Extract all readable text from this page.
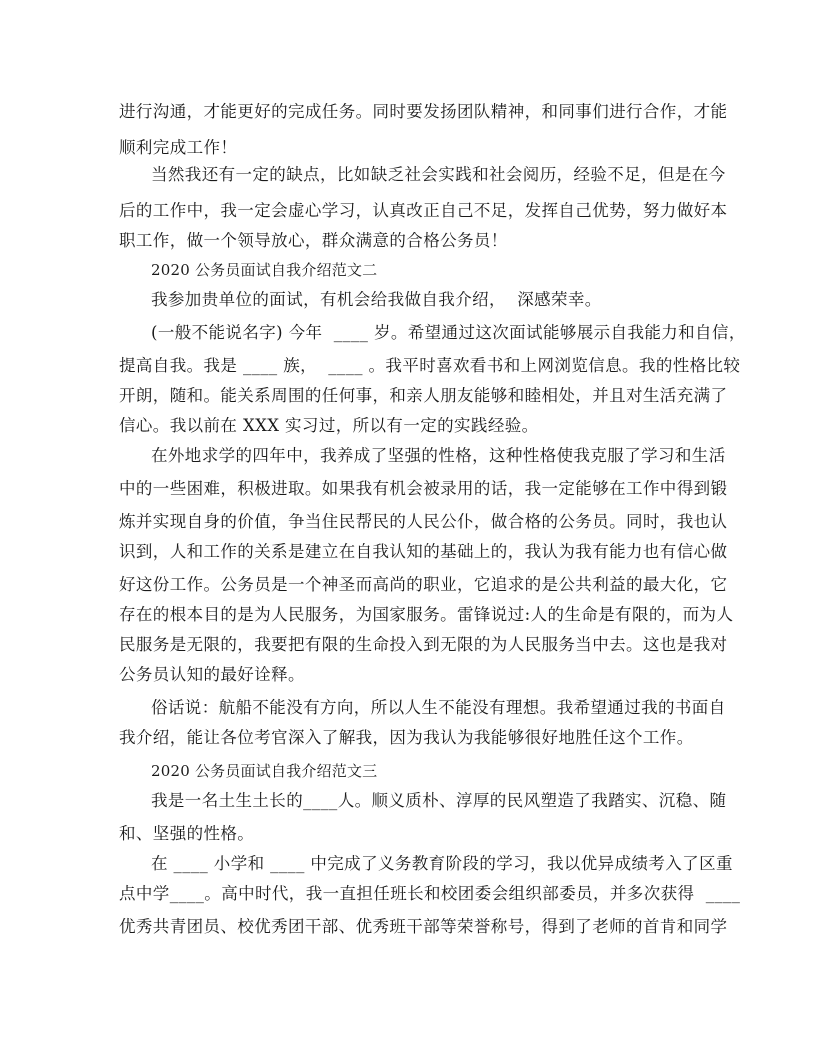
进行沟通，才能更好的完成任务。同时要发扬团队精神，和同事们进行合作，才能
顺利完成工作！
当然我还有一定的缺点，比如缺乏社会实践和社会阅历，经验不足，但是在今
后的工作中，我一定会虚心学习，认真改正自己不足，发挥自己优势，努力做好本
职工作，做一个领导放心，群众满意的合格公务员！
2020 公务员面试自我介绍范文二
我参加贵单位的面试，有机会给我做自我介绍，  深感荣幸。
(一般不能说名字) 今年  ____ 岁。希望通过这次面试能够展示自我能力和自信，
提高自我。我是 ____ 族，  ____ 。我平时喜欢看书和上网浏览信息。我的性格比较
开朗，随和。能关系周围的任何事，和亲人朋友能够和睦相处，并且对生活充满了
信心。我以前在 XXX 实习过，所以有一定的实践经验。
在外地求学的四年中，我养成了坚强的性格，这种性格使我克服了学习和生活
中的一些困难，积极进取。如果我有机会被录用的话，我一定能够在工作中得到锻
炼并实现自身的价值，争当住民帮民的人民公仆，做合格的公务员。同时，我也认
识到，人和工作的关系是建立在自我认知的基础上的，我认为我有能力也有信心做
好这份工作。公务员是一个神圣而高尚的职业，它追求的是公共利益的最大化，它
存在的根本目的是为人民服务，为国家服务。雷锋说过:人的生命是有限的，而为人
民服务是无限的，我要把有限的生命投入到无限的为人民服务当中去。这也是我对
公务员认知的最好诠释。
俗话说：航船不能没有方向，所以人生不能没有理想。我希望通过我的书面自
我介绍，能让各位考官深入了解我，因为我认为我能够很好地胜任这个工作。
2020 公务员面试自我介绍范文三
我是一名土生土长的____人。顺义质朴、淳厚的民风塑造了我踏实、沉稳、随
和、坚强的性格。
在 ____ 小学和 ____ 中完成了义务教育阶段的学习，我以优异成绩考入了区重
点中学____。高中时代，我一直担任班长和校团委会组织部委员，并多次获得  ____
优秀共青团员、校优秀团干部、优秀班干部等荣誉称号，得到了老师的首肯和同学
